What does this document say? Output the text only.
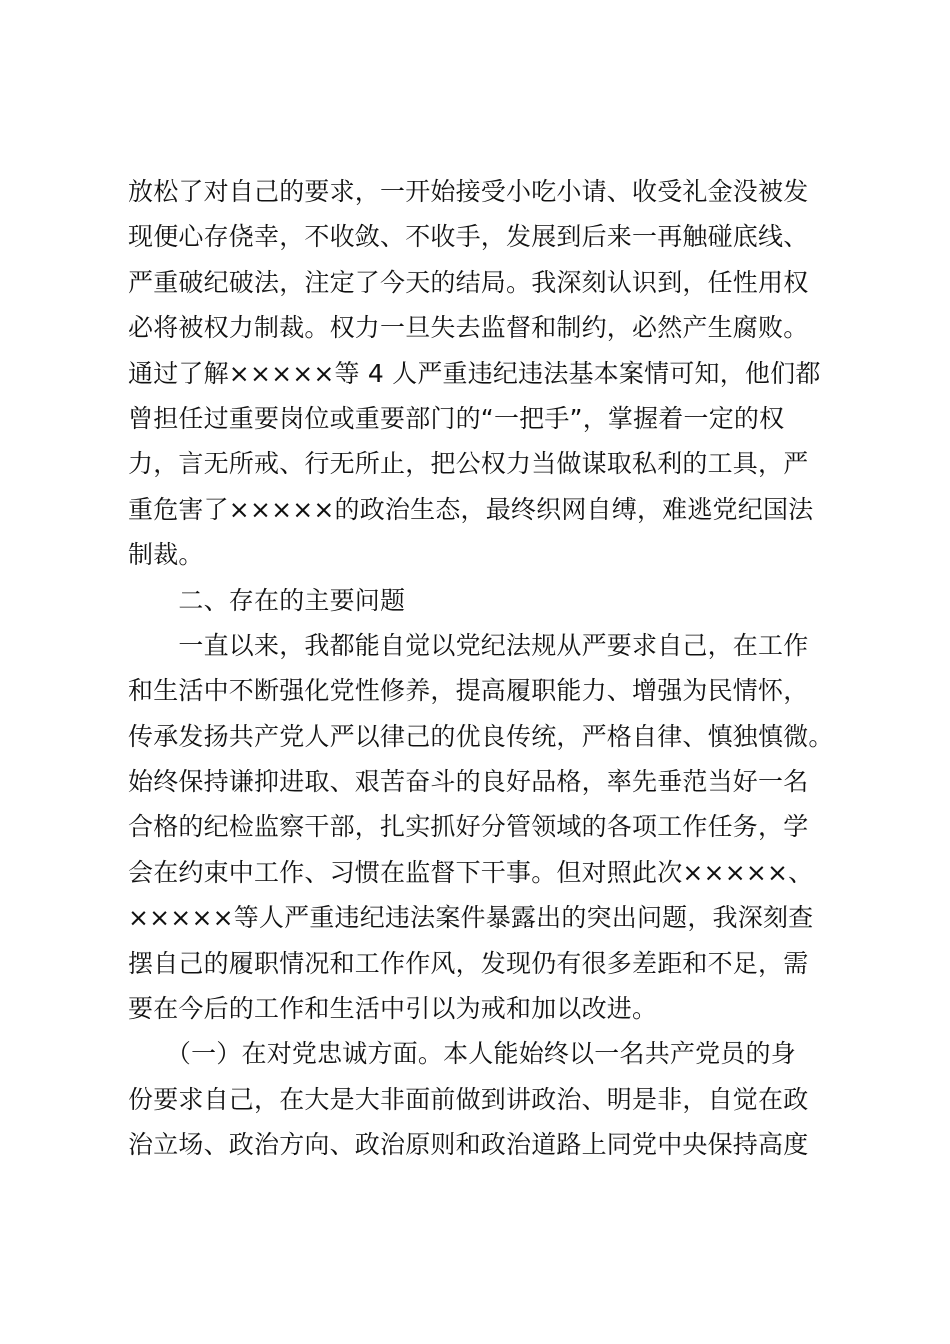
放松了对自己的要求，一开始接受小吃小请、收受礼金没被发
现便心存侥幸，不收敛、不收手，发展到后来一再触碰底线、
严重破纪破法，注定了今天的结局。我深刻认识到，任性用权
必将被权力制裁。权力一旦失去监督和制约，必然产生腐败。
通过了解×××××等 4 人严重违纪违法基本案情可知，他们都
曾担任过重要岗位或重要部门的“一把手”，掌握着一定的权
力，言无所戒、行无所止，把公权力当做谋取私利的工具，严
重危害了×××××的政治生态，最终织网自缚，难逃党纪国法
制裁。
　　二、存在的主要问题
　　一直以来，我都能自觉以党纪法规从严要求自己，在工作
和生活中不断强化党性修养，提高履职能力、增强为民情怀，
传承发扬共产党人严以律己的优良传统，严格自律、慎独慎微。
始终保持谦抑进取、艰苦奋斗的良好品格，率先垂范当好一名
合格的纪检监察干部，扎实抓好分管领域的各项工作任务，学
会在约束中工作、习惯在监督下干事。但对照此次×××××、
×××××等人严重违纪违法案件暴露出的突出问题，我深刻查
摆自己的履职情况和工作作风，发现仍有很多差距和不足，需
要在今后的工作和生活中引以为戒和加以改进。
　　（一）在对党忠诚方面。本人能始终以一名共产党员的身
份要求自己，在大是大非面前做到讲政治、明是非，自觉在政
治立场、政治方向、政治原则和政治道路上同党中央保持高度
